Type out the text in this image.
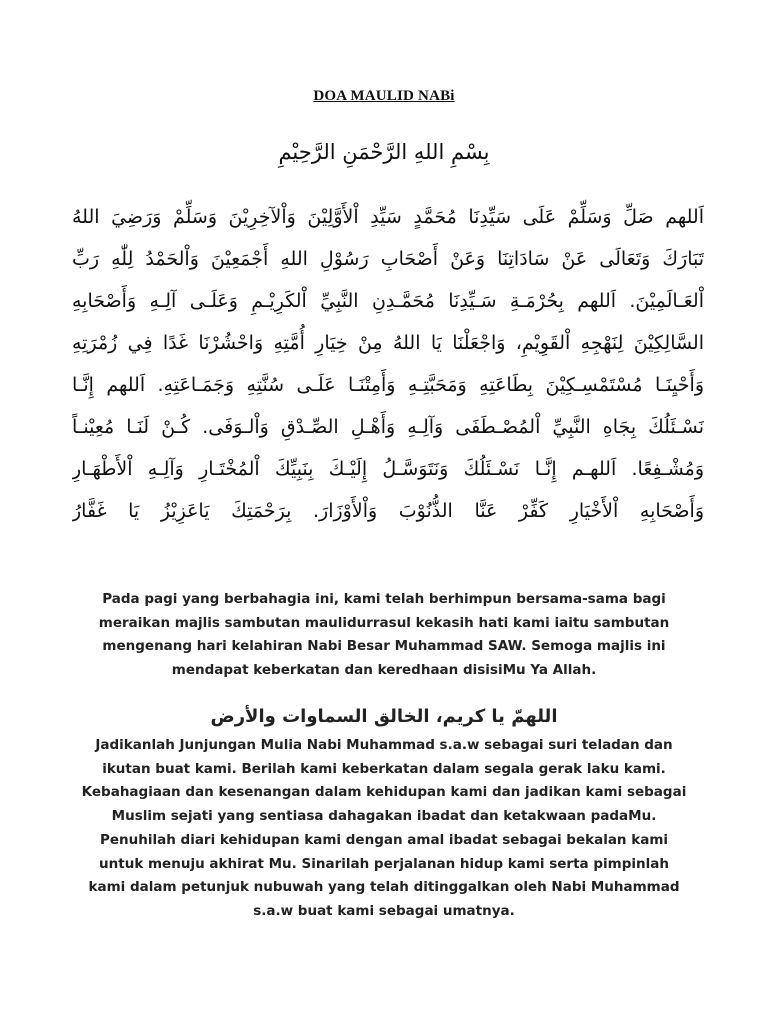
DOA MAULID NABi
بِسْمِ اللهِ الرَّحْمَنِ الرَّحِيْمِ
اَللهم صَلِّ وَسَلِّمْ عَلَى سَيِّدِنَا مُحَمَّدٍ سَيِّدِ اْلأَوَّلِيْنَ وَاْلآخِرِيْنَ وَسَلِّمْ وَرَضِيَ اللهُ
تَبَارَكَ وَتَعَالَى عَنْ سَادَاتِنَا وَعَنْ أَصْحَابِ رَسُوْلِ اللهِ أَجْمَعِيْنَ وَاْلحَمْدُ لِلّٰهِ رَبِّ
اْلعَـالَمِيْنَ. اَللهم بِحُرْمَـةِ سَـيِّدِنَا مُحَمَّـدِنِ النَّبِيِّ اْلكَرِيْـمِ وَعَلَـى آلِـهِ وَأَصْحَابِهِ
السَّالِكِيْنَ لِنَهْجِهِ اْلقَوِيْمِ، وَاجْعَلْنَا يَا اللهُ مِنْ خِيَارِ أُمَّتِهِ وَاحْشُرْنَا غَدًا فِي زُمْرَتِهِ
وَأَحْيِنَـا مُسْتَمْسِـكِيْنَ بِطَاعَتِهِ وَمَحَبَّتِـهِ وَأَمِتْنَـا عَلَـى سُنَّتِهِ وَجَمَـاعَتِهِ. اَللهم إِنَّـا
نَسْـئَلُكَ بِجَاهِ النَّبِيِّ اْلمُصْـطَفَى وَآلِـهِ وَأَهْـلِ الصِّـدْقِ وَاْلـوَفَى. كُـنْ لَنَـا مُعِيْنـاً
وَمُشْـفِعًا. اَللهـم إِنَّـا نَسْـئَلُكَ وَنَتَوَسَّـلُ إِلَيْـكَ بِنَبِيِّكَ اْلمُخْتَـارِ وَآلِـهِ اْلأَطْهَـارِ
وَأَصْحَابِهِ اْلأَخْيَارِ كَفِّرْ عَنَّا الذُّنُوْبَ وَاْلأَوْزَارَ. بِرَحْمَتِكَ يَاعَزِيْزُ يَا غَفَّارُ
Pada pagi yang berbahagia ini, kami telah berhimpun bersama-sama bagi meraikan majlis sambutan maulidurrasul kekasih hati kami iaitu sambutan mengenang hari kelahiran Nabi Besar Muhammad SAW. Semoga majlis ini mendapat keberkatan dan keredhaan disisiMu Ya Allah.
اللهمّ يا كريم، الخالق السماوات والأرض
Jadikanlah Junjungan Mulia Nabi Muhammad s.a.w sebagai suri teladan dan ikutan buat kami. Berilah kami keberkatan dalam segala gerak laku kami. Kebahagiaan dan kesenangan dalam kehidupan kami dan jadikan kami sebagai Muslim sejati yang sentiasa dahagakan ibadat dan ketakwaan padaMu. Penuhilah diari kehidupan kami dengan amal ibadat sebagai bekalan kami untuk menuju akhirat Mu. Sinarilah perjalanan hidup kami serta pimpinlah kami dalam petunjuk nubuwah yang telah ditinggalkan oleh Nabi Muhammad s.a.w buat kami sebagai umatnya.
